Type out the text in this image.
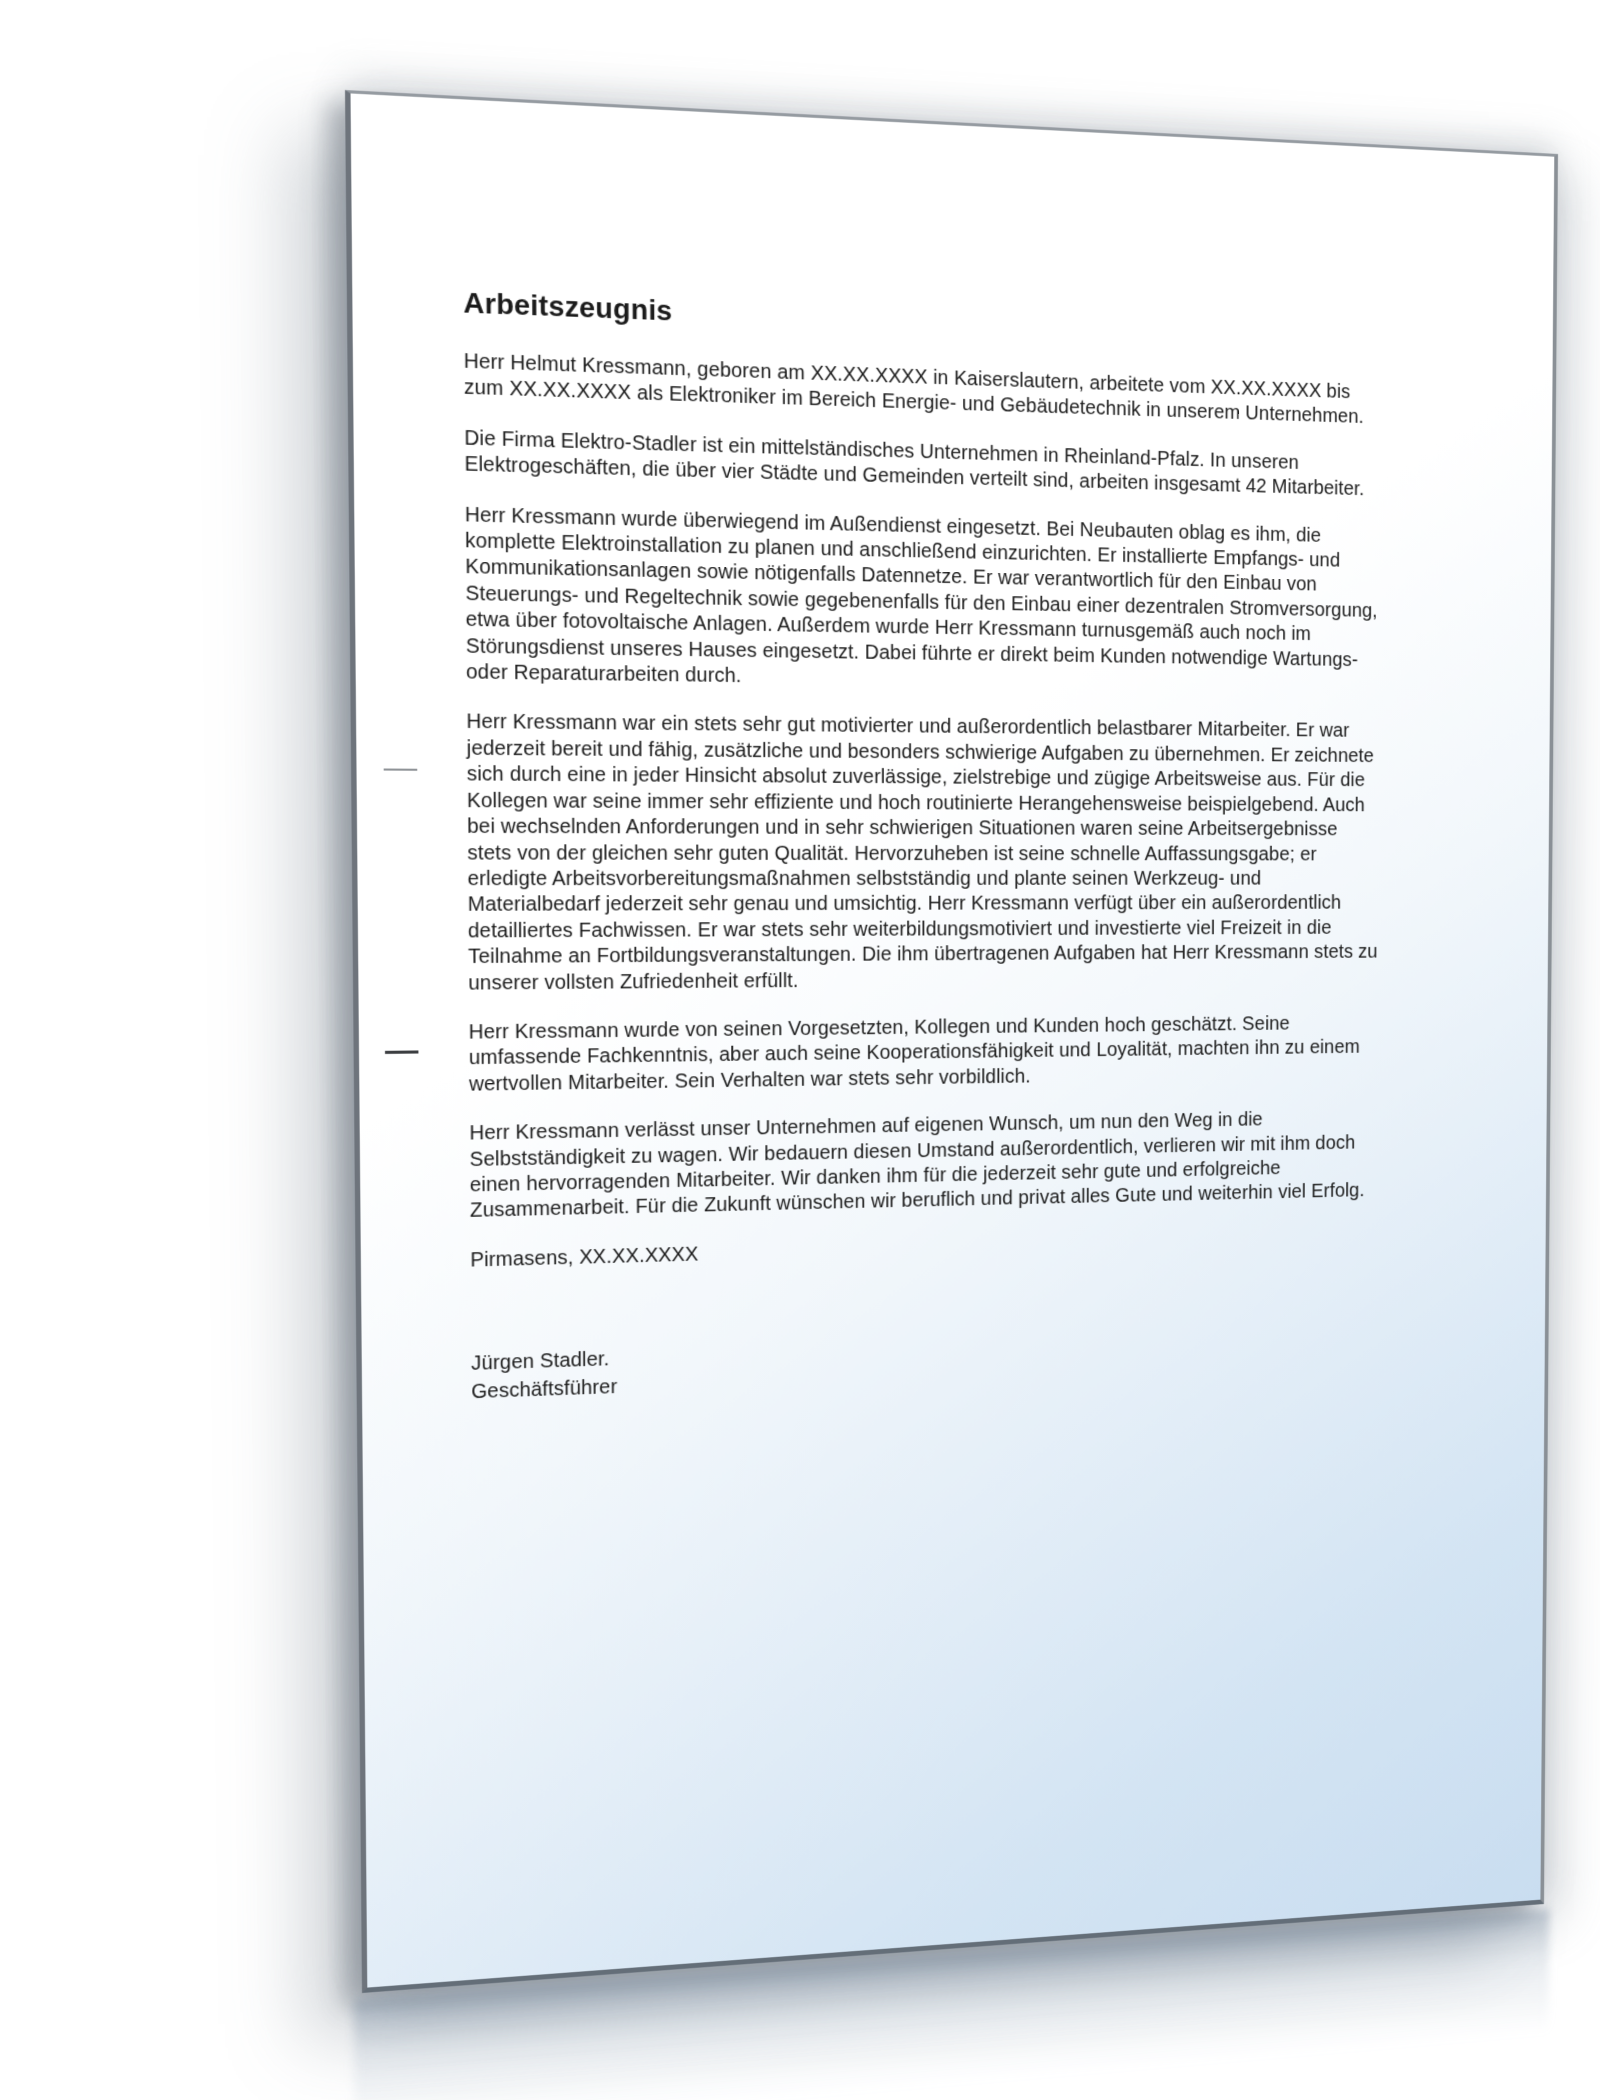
Arbeitszeugnis

Herr Helmut Kressmann, geboren am XX.XX.XXXX in Kaiserslautern, arbeitete vom XX.XX.XXXX bis
zum XX.XX.XXXX als Elektroniker im Bereich Energie- und Gebäudetechnik in unserem Unternehmen.

Die Firma Elektro-Stadler ist ein mittelständisches Unternehmen in Rheinland-Pfalz. In unseren
Elektrogeschäften, die über vier Städte und Gemeinden verteilt sind, arbeiten insgesamt 42 Mitarbeiter.

Herr Kressmann wurde überwiegend im Außendienst eingesetzt. Bei Neubauten oblag es ihm, die
komplette Elektroinstallation zu planen und anschließend einzurichten. Er installierte Empfangs- und
Kommunikationsanlagen sowie nötigenfalls Datennetze. Er war verantwortlich für den Einbau von
Steuerungs- und Regeltechnik sowie gegebenenfalls für den Einbau einer dezentralen Stromversorgung,
etwa über fotovoltaische Anlagen. Außerdem wurde Herr Kressmann turnusgemäß auch noch im
Störungsdienst unseres Hauses eingesetzt. Dabei führte er direkt beim Kunden notwendige Wartungs-
oder Reparaturarbeiten durch.

Herr Kressmann war ein stets sehr gut motivierter und außerordentlich belastbarer Mitarbeiter. Er war
jederzeit bereit und fähig, zusätzliche und besonders schwierige Aufgaben zu übernehmen. Er zeichnete
sich durch eine in jeder Hinsicht absolut zuverlässige, zielstrebige und zügige Arbeitsweise aus. Für die
Kollegen war seine immer sehr effiziente und hoch routinierte Herangehensweise beispielgebend. Auch
bei wechselnden Anforderungen und in sehr schwierigen Situationen waren seine Arbeitsergebnisse
stets von der gleichen sehr guten Qualität. Hervorzuheben ist seine schnelle Auffassungsgabe; er
erledigte Arbeitsvorbereitungsmaßnahmen selbstständig und plante seinen Werkzeug- und
Materialbedarf jederzeit sehr genau und umsichtig. Herr Kressmann verfügt über ein außerordentlich
detailliertes Fachwissen. Er war stets sehr weiterbildungsmotiviert und investierte viel Freizeit in die
Teilnahme an Fortbildungsveranstaltungen. Die ihm übertragenen Aufgaben hat Herr Kressmann stets zu
unserer vollsten Zufriedenheit erfüllt.

Herr Kressmann wurde von seinen Vorgesetzten, Kollegen und Kunden hoch geschätzt. Seine
umfassende Fachkenntnis, aber auch seine Kooperationsfähigkeit und Loyalität, machten ihn zu einem
wertvollen Mitarbeiter. Sein Verhalten war stets sehr vorbildlich.

Herr Kressmann verlässt unser Unternehmen auf eigenen Wunsch, um nun den Weg in die
Selbstständigkeit zu wagen. Wir bedauern diesen Umstand außerordentlich, verlieren wir mit ihm doch
einen hervorragenden Mitarbeiter. Wir danken ihm für die jederzeit sehr gute und erfolgreiche
Zusammenarbeit. Für die Zukunft wünschen wir beruflich und privat alles Gute und weiterhin viel Erfolg.

Pirmasens, XX.XX.XXXX

Jürgen Stadler.
Geschäftsführer
